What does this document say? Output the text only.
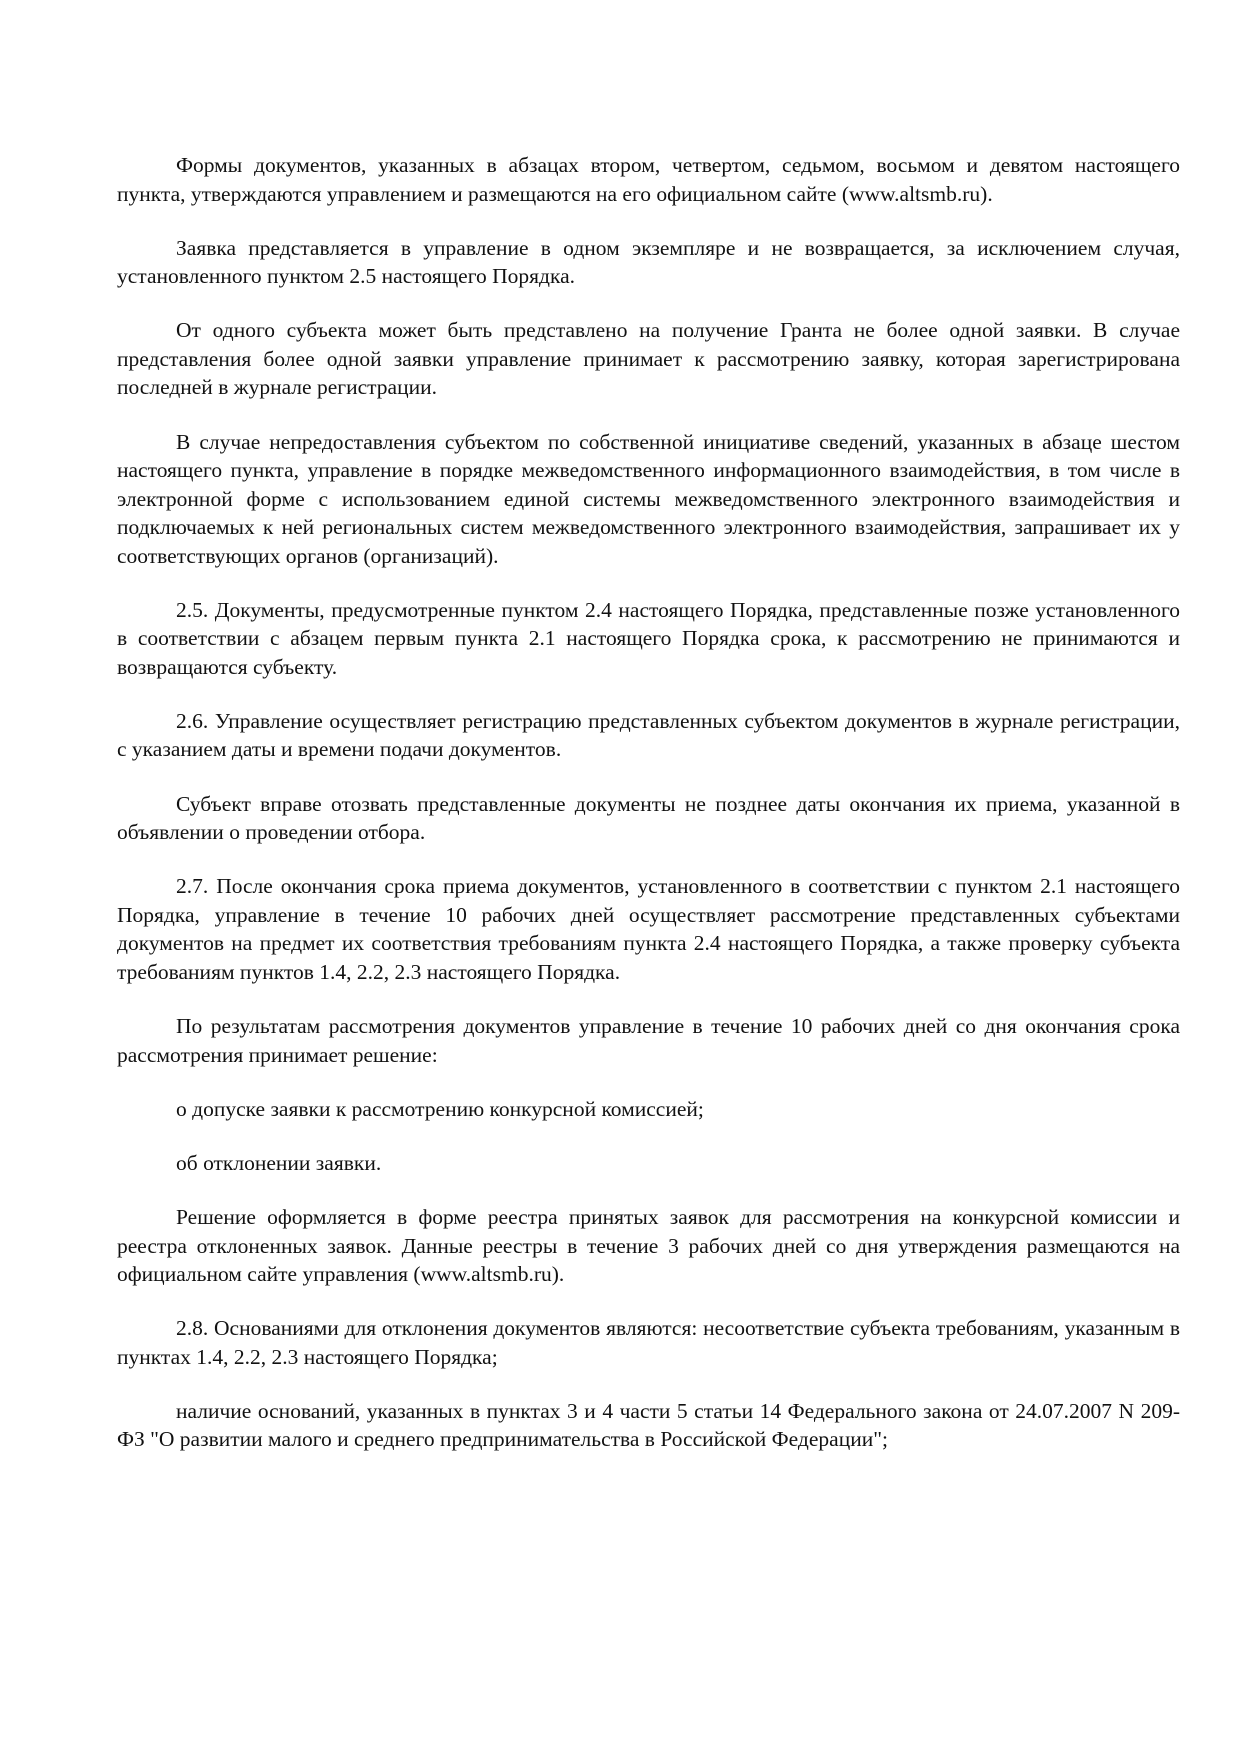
Формы документов, указанных в абзацах втором, четвертом, седьмом, восьмом и девятом настоящего пункта, утверждаются управлением и размещаются на его официальном сайте (www.altsmb.ru).

Заявка представляется в управление в одном экземпляре и не возвращается, за исключением случая, установленного пунктом 2.5 настоящего Порядка.

От одного субъекта может быть представлено на получение Гранта не более одной заявки. В случае представления более одной заявки управление принимает к рассмотрению заявку, которая зарегистрирована последней в журнале регистрации.

В случае непредоставления субъектом по собственной инициативе сведений, указанных в абзаце шестом настоящего пункта, управление в порядке межведомственного информационного взаимодействия, в том числе в электронной форме с использованием единой системы межведомственного электронного взаимодействия и подключаемых к ней региональных систем межведомственного электронного взаимодействия, запрашивает их у соответствующих органов (организаций).

2.5. Документы, предусмотренные пунктом 2.4 настоящего Порядка, представленные позже установленного в соответствии с абзацем первым пункта 2.1 настоящего Порядка срока, к рассмотрению не принимаются и возвращаются субъекту.

2.6. Управление осуществляет регистрацию представленных субъектом документов в журнале регистрации, с указанием даты и времени подачи документов.

Субъект вправе отозвать представленные документы не позднее даты окончания их приема, указанной в объявлении о проведении отбора.

2.7. После окончания срока приема документов, установленного в соответствии с пунктом 2.1 настоящего Порядка, управление в течение 10 рабочих дней осуществляет рассмотрение представленных субъектами документов на предмет их соответствия требованиям пункта 2.4 настоящего Порядка, а также проверку субъекта требованиям пунктов 1.4, 2.2, 2.3 настоящего Порядка.

По результатам рассмотрения документов управление в течение 10 рабочих дней со дня окончания срока рассмотрения принимает решение:

о допуске заявки к рассмотрению конкурсной комиссией;

об отклонении заявки.

Решение оформляется в форме реестра принятых заявок для рассмотрения на конкурсной комиссии и реестра отклоненных заявок. Данные реестры в течение 3 рабочих дней со дня утверждения размещаются на официальном сайте управления (www.altsmb.ru).

2.8. Основаниями для отклонения документов являются: несоответствие субъекта требованиям, указанным в пунктах 1.4, 2.2, 2.3 настоящего Порядка;

наличие оснований, указанных в пунктах 3 и 4 части 5 статьи 14 Федерального закона от 24.07.2007 N 209-ФЗ "О развитии малого и среднего предпринимательства в Российской Федерации";
